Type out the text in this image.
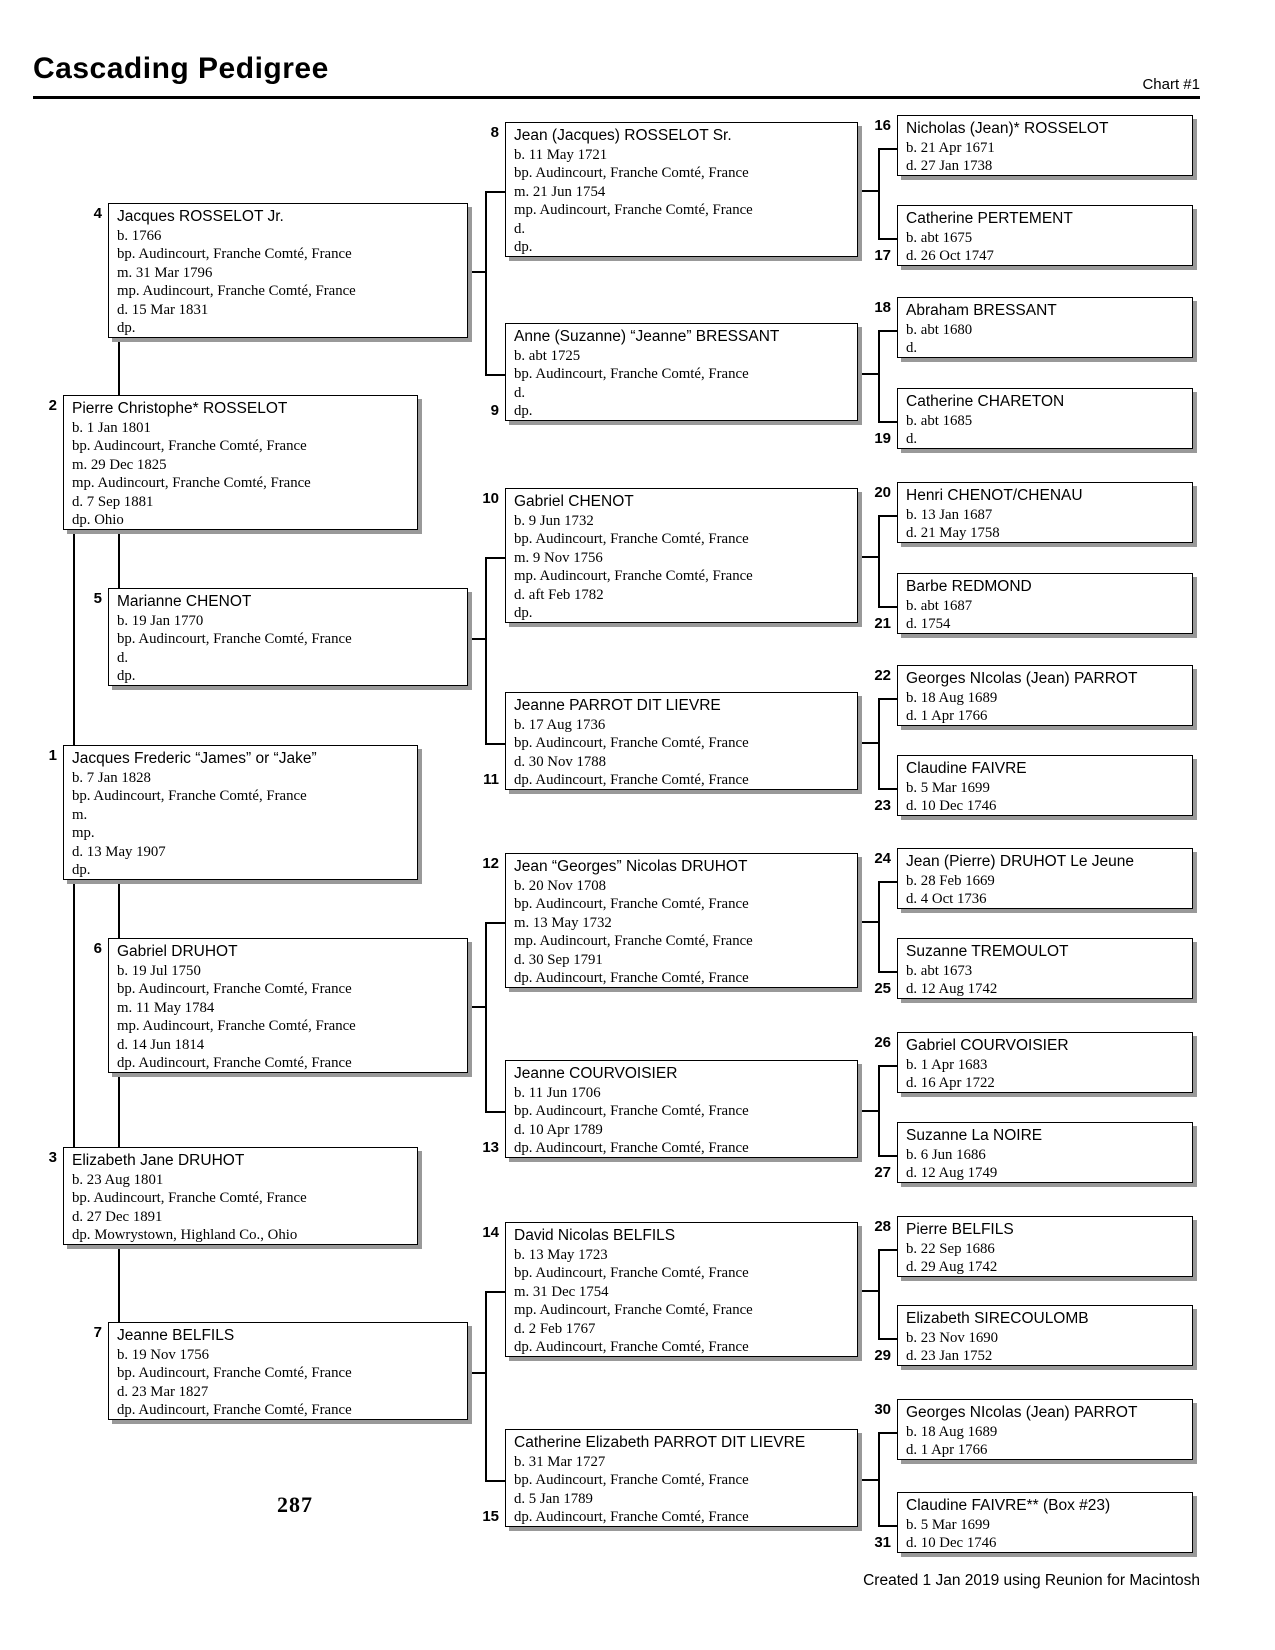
Cascading Pedigree	Chart #1
1 Jacques Frederic “James” or “Jake”
b. 7 Jan 1828
bp. Audincourt, Franche Comté, France
m.
mp.
d. 13 May 1907
dp.
2 Pierre Christophe* ROSSELOT
b. 1 Jan 1801
bp. Audincourt, Franche Comté, France
m. 29 Dec 1825
mp. Audincourt, Franche Comté, France
d. 7 Sep 1881
dp. Ohio
3 Elizabeth Jane DRUHOT
b. 23 Aug 1801
bp. Audincourt, Franche Comté, France
d. 27 Dec 1891
dp. Mowrystown, Highland Co., Ohio
4 Jacques ROSSELOT Jr.
b. 1766
bp. Audincourt, Franche Comté, France
m. 31 Mar 1796
mp. Audincourt, Franche Comté, France
d. 15 Mar 1831
dp.
5 Marianne CHENOT
b. 19 Jan 1770
bp. Audincourt, Franche Comté, France
d.
dp.
6 Gabriel DRUHOT
b. 19 Jul 1750
bp. Audincourt, Franche Comté, France
m. 11 May 1784
mp. Audincourt, Franche Comté, France
d. 14 Jun 1814
dp. Audincourt, Franche Comté, France
7 Jeanne BELFILS
b. 19 Nov 1756
bp. Audincourt, Franche Comté, France
d. 23 Mar 1827
dp. Audincourt, Franche Comté, France
8 Jean (Jacques) ROSSELOT Sr.
b. 11 May 1721
bp. Audincourt, Franche Comté, France
m. 21 Jun 1754
mp. Audincourt, Franche Comté, France
d.
dp.
9
Anne (Suzanne) “Jeanne” BRESSANT
b. abt 1725
bp. Audincourt, Franche Comté, France
d.
dp.
10 Gabriel CHENOT
b. 9 Jun 1732
bp. Audincourt, Franche Comté, France
m. 9 Nov 1756
mp. Audincourt, Franche Comté, France
d. aft Feb 1782
dp.
11
Jeanne PARROT DIT LIEVRE
b. 17 Aug 1736
bp. Audincourt, Franche Comté, France
d. 30 Nov 1788
dp. Audincourt, Franche Comté, France
12 Jean “Georges” Nicolas DRUHOT
b. 20 Nov 1708
bp. Audincourt, Franche Comté, France
m. 13 May 1732
mp. Audincourt, Franche Comté, France
d. 30 Sep 1791
dp. Audincourt, Franche Comté, France
13
Jeanne COURVOISIER
b. 11 Jun 1706
bp. Audincourt, Franche Comté, France
d. 10 Apr 1789
dp. Audincourt, Franche Comté, France
14 David Nicolas BELFILS
b. 13 May 1723
bp. Audincourt, Franche Comté, France
m. 31 Dec 1754
mp. Audincourt, Franche Comté, France
d. 2 Feb 1767
dp. Audincourt, Franche Comté, France
15
Catherine Elizabeth PARROT DIT LIEVRE
b. 31 Mar 1727
bp. Audincourt, Franche Comté, France
d. 5 Jan 1789
dp. Audincourt, Franche Comté, France
16 Nicholas (Jean)* ROSSELOT
b. 21 Apr 1671
d. 27 Jan 1738
17
Catherine PERTEMENT
b. abt 1675
d. 26 Oct 1747
18 Abraham BRESSANT
b. abt 1680
d.
19
Catherine CHARETON
b. abt 1685
d.
20 Henri CHENOT/CHENAU
b. 13 Jan 1687
d. 21 May 1758
21
Barbe REDMOND
b. abt 1687
d. 1754
22 Georges NIcolas (Jean) PARROT
b. 18 Aug 1689
d. 1 Apr 1766
23
Claudine FAIVRE
b. 5 Mar 1699
d. 10 Dec 1746
24 Jean (Pierre) DRUHOT Le Jeune
b. 28 Feb 1669
d. 4 Oct 1736
25
Suzanne TREMOULOT
b. abt 1673
d. 12 Aug 1742
26 Gabriel COURVOISIER
b. 1 Apr 1683
d. 16 Apr 1722
27
Suzanne La NOIRE
b. 6 Jun 1686
d. 12 Aug 1749
28 Pierre BELFILS
b. 22 Sep 1686
d. 29 Aug 1742
29
Elizabeth SIRECOULOMB
b. 23 Nov 1690
d. 23 Jan 1752
30 Georges NIcolas (Jean) PARROT
b. 18 Aug 1689
d. 1 Apr 1766
31
Claudine FAIVRE** (Box #23)
b. 5 Mar 1699
d. 10 Dec 1746
287
Created 1 Jan 2019 using Reunion for Macintosh
